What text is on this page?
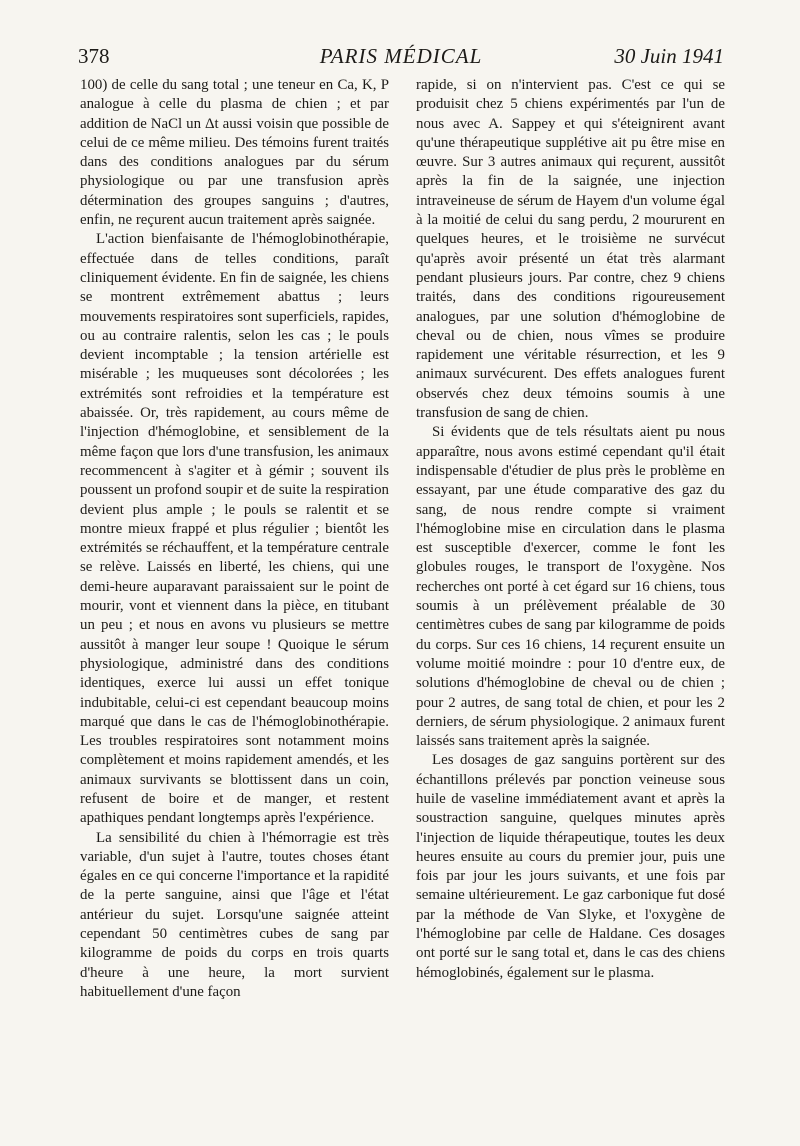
378	PARIS MÉDICAL	30 Juin 1941

100) de celle du sang total ; une teneur en Ca, K, P analogue à celle du plasma de chien ; et par addition de NaCl un Δt aussi voisin que possible de celui de ce même milieu. Des témoins furent traités dans des conditions analogues par du sérum physiologique ou par une transfusion après détermination des groupes sanguins ; d'autres, enfin, ne reçurent aucun traitement après saignée.

L'action bienfaisante de l'hémoglobinothérapie, effectuée dans de telles conditions, paraît cliniquement évidente. En fin de saignée, les chiens se montrent extrêmement abattus ; leurs mouvements respiratoires sont superficiels, rapides, ou au contraire ralentis, selon les cas ; le pouls devient incomptable ; la tension artérielle est misérable ; les muqueuses sont décolorées ; les extrémités sont refroidies et la température est abaissée. Or, très rapidement, au cours même de l'injection d'hémoglobine, et sensiblement de la même façon que lors d'une transfusion, les animaux recommencent à s'agiter et à gémir ; souvent ils poussent un profond soupir et de suite la respiration devient plus ample ; le pouls se ralentit et se montre mieux frappé et plus régulier ; bientôt les extrémités se réchauffent, et la température centrale se relève. Laissés en liberté, les chiens, qui une demi-heure auparavant paraissaient sur le point de mourir, vont et viennent dans la pièce, en titubant un peu ; et nous en avons vu plusieurs se mettre aussitôt à manger leur soupe ! Quoique le sérum physiologique, administré dans des conditions identiques, exerce lui aussi un effet tonique indubitable, celui-ci est cependant beaucoup moins marqué que dans le cas de l'hémoglobinothérapie. Les troubles respiratoires sont notamment moins complètement et moins rapidement amendés, et les animaux survivants se blottissent dans un coin, refusent de boire et de manger, et restent apathiques pendant longtemps après l'expérience.

La sensibilité du chien à l'hémorragie est très variable, d'un sujet à l'autre, toutes choses étant égales en ce qui concerne l'importance et la rapidité de la perte sanguine, ainsi que l'âge et l'état antérieur du sujet. Lorsqu'une saignée atteint cependant 50 centimètres cubes de sang par kilogramme de poids du corps en trois quarts d'heure à une heure, la mort survient habituellement d'une façon

rapide, si on n'intervient pas. C'est ce qui se produisit chez 5 chiens expérimentés par l'un de nous avec A. Sappey et qui s'éteignirent avant qu'une thérapeutique supplétive ait pu être mise en œuvre. Sur 3 autres animaux qui reçurent, aussitôt après la fin de la saignée, une injection intraveineuse de sérum de Hayem d'un volume égal à la moitié de celui du sang perdu, 2 moururent en quelques heures, et le troisième ne survécut qu'après avoir présenté un état très alarmant pendant plusieurs jours. Par contre, chez 9 chiens traités, dans des conditions rigoureusement analogues, par une solution d'hémoglobine de cheval ou de chien, nous vîmes se produire rapidement une véritable résurrection, et les 9 animaux survécurent. Des effets analogues furent observés chez deux témoins soumis à une transfusion de sang de chien.

Si évidents que de tels résultats aient pu nous apparaître, nous avons estimé cependant qu'il était indispensable d'étudier de plus près le problème en essayant, par une étude comparative des gaz du sang, de nous rendre compte si vraiment l'hémoglobine mise en circulation dans le plasma est susceptible d'exercer, comme le font les globules rouges, le transport de l'oxygène. Nos recherches ont porté à cet égard sur 16 chiens, tous soumis à un prélèvement préalable de 30 centimètres cubes de sang par kilogramme de poids du corps. Sur ces 16 chiens, 14 reçurent ensuite un volume moitié moindre : pour 10 d'entre eux, de solutions d'hémoglobine de cheval ou de chien ; pour 2 autres, de sang total de chien, et pour les 2 derniers, de sérum physiologique. 2 animaux furent laissés sans traitement après la saignée.

Les dosages de gaz sanguins portèrent sur des échantillons prélevés par ponction veineuse sous huile de vaseline immédiatement avant et après la soustraction sanguine, quelques minutes après l'injection de liquide thérapeutique, toutes les deux heures ensuite au cours du premier jour, puis une fois par jour les jours suivants, et une fois par semaine ultérieurement. Le gaz carbonique fut dosé par la méthode de Van Slyke, et l'oxygène de l'hémoglobine par celle de Haldane. Ces dosages ont porté sur le sang total et, dans le cas des chiens hémoglobinés, également sur le plasma.
